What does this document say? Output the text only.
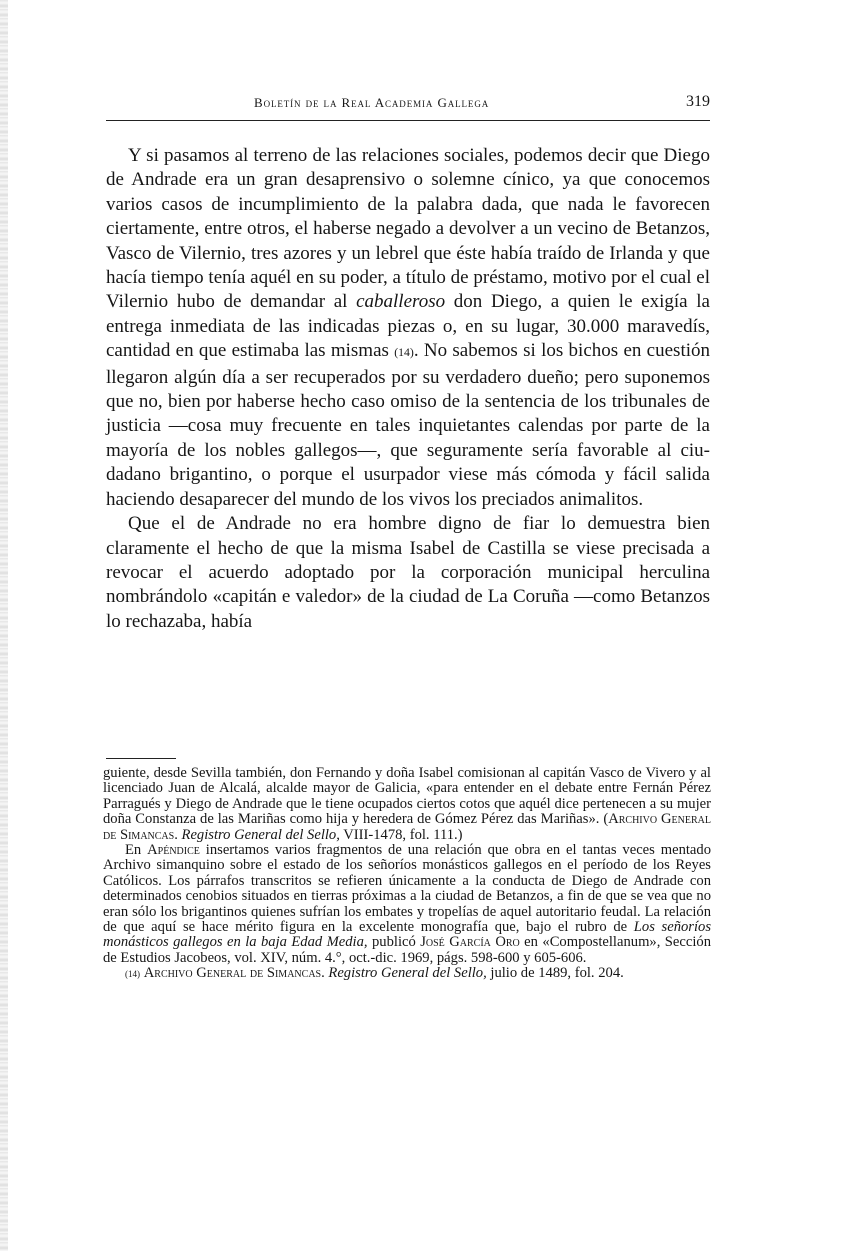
Boletín de la Real Academia Gallega	319

Y si pasamos al terreno de las relaciones sociales, podemos decir que Diego de Andrade era un gran desaprensivo o solemne cínico, ya que conocemos varios casos de incumplimiento de la palabra dada, que nada le favorecen ciertamente, entre otros, el haberse negado a devolver a un vecino de Betanzos, Vasco de Vilernio, tres azores y un lebrel que éste había traído de Irlanda y que hacía tiempo tenía aquél en su poder, a título de préstamo, motivo por el cual el Vilernio hubo de demandar al caballeroso don Diego, a quien le exigía la entrega inmediata de las indicadas piezas o, en su lugar, 30.000 maravedís, cantidad en que estimaba las mismas (14). No sabemos si los bichos en cuestión llegaron algún día a ser recuperados por su verdadero dueño; pero suponemos que no, bien por haberse hecho caso omiso de la sentencia de los tribunales de justicia —cosa muy frecuente en tales inquietantes calendas por parte de la mayoría de los nobles gallegos—, que seguramente sería favorable al ciudadano brigantino, o porque el usurpador viese más cómoda y fácil salida haciendo desaparecer del mundo de los vivos los preciados animalitos.

Que el de Andrade no era hombre digno de fiar lo demuestra bien claramente el hecho de que la misma Isabel de Castilla se viese precisada a revocar el acuerdo adoptado por la corporación municipal herculina nombrándolo «capitán e valedor» de la ciudad de La Coruña —como Betanzos lo rechazaba, había

guiente, desde Sevilla también, don Fernando y doña Isabel comisionan al capitán Vasco de Vivero y al licenciado Juan de Alcalá, alcalde mayor de Galicia, «para entender en el debate entre Fernán Pérez Parragués y Diego de Andrade que le tiene ocupados ciertos cotos que aquél dice pertenecen a su mujer doña Constanza de las Mariñas como hija y heredera de Gómez Pérez das Mariñas». (Archivo General de Simancas. Registro General del Sello, VIII-1478, fol. 111.)

En Apéndice insertamos varios fragmentos de una relación que obra en el tantas veces mentado Archivo simanquino sobre el estado de los señoríos monásticos gallegos en el período de los Reyes Católicos. Los párrafos transcritos se refieren únicamente a la conducta de Diego de Andrade con determinados cenobios situados en tierras próximas a la ciudad de Betanzos, a fin de que se vea que no eran sólo los brigantinos quienes sufrían los embates y tropelías de aquel autoritario feudal. La relación de que aquí se hace mérito figura en la excelente monografía que, bajo el rubro de Los señoríos monásticos gallegos en la baja Edad Media, publicó José García Oro en «Compostellanum», Sección de Estudios Jacobeos, vol. XIV, núm. 4.°, oct.-dic. 1969, págs. 598-600 y 605-606.

(14) Archivo General de Simancas. Registro General del Sello, julio de 1489, fol. 204.
